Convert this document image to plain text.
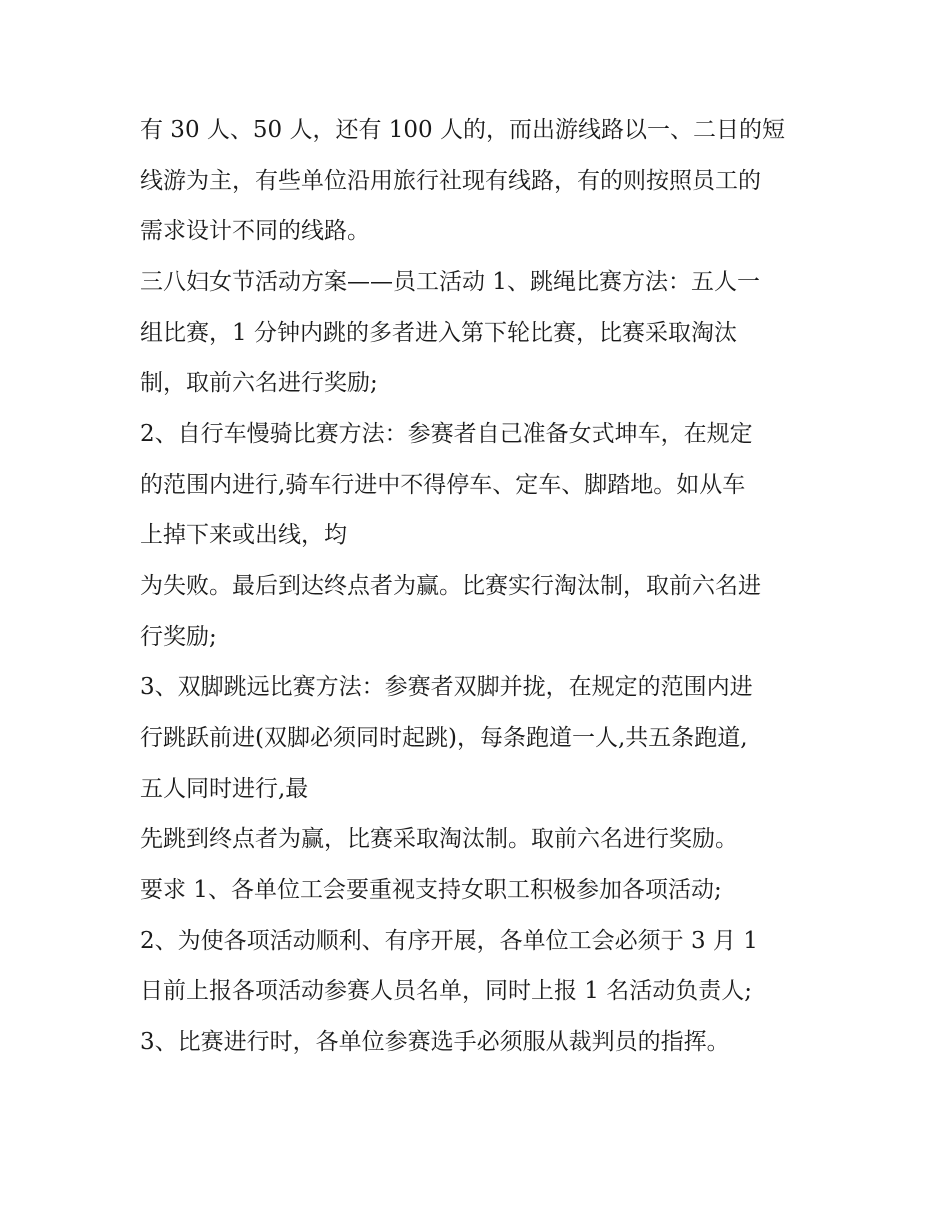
有 30 人、50 人，还有 100 人的，而出游线路以一、二日的短
线游为主，有些单位沿用旅行社现有线路，有的则按照员工的
需求设计不同的线路。
三八妇女节活动方案——员工活动 1、跳绳比赛方法：五人一
组比赛，1 分钟内跳的多者进入第下轮比赛，比赛采取淘汰
制，取前六名进行奖励;
2、自行车慢骑比赛方法：参赛者自己准备女式坤车，在规定
的范围内进行,骑车行进中不得停车、定车、脚踏地。如从车
上掉下来或出线，均
为失败。最后到达终点者为赢。比赛实行淘汰制，取前六名进
行奖励;
3、双脚跳远比赛方法：参赛者双脚并拢，在规定的范围内进
行跳跃前进(双脚必须同时起跳)，每条跑道一人,共五条跑道,
五人同时进行,最
先跳到终点者为赢，比赛采取淘汰制。取前六名进行奖励。
要求 1、各单位工会要重视支持女职工积极参加各项活动;
2、为使各项活动顺利、有序开展，各单位工会必须于 3 月 1
日前上报各项活动参赛人员名单，同时上报 1 名活动负责人;
3、比赛进行时，各单位参赛选手必须服从裁判员的指挥。
